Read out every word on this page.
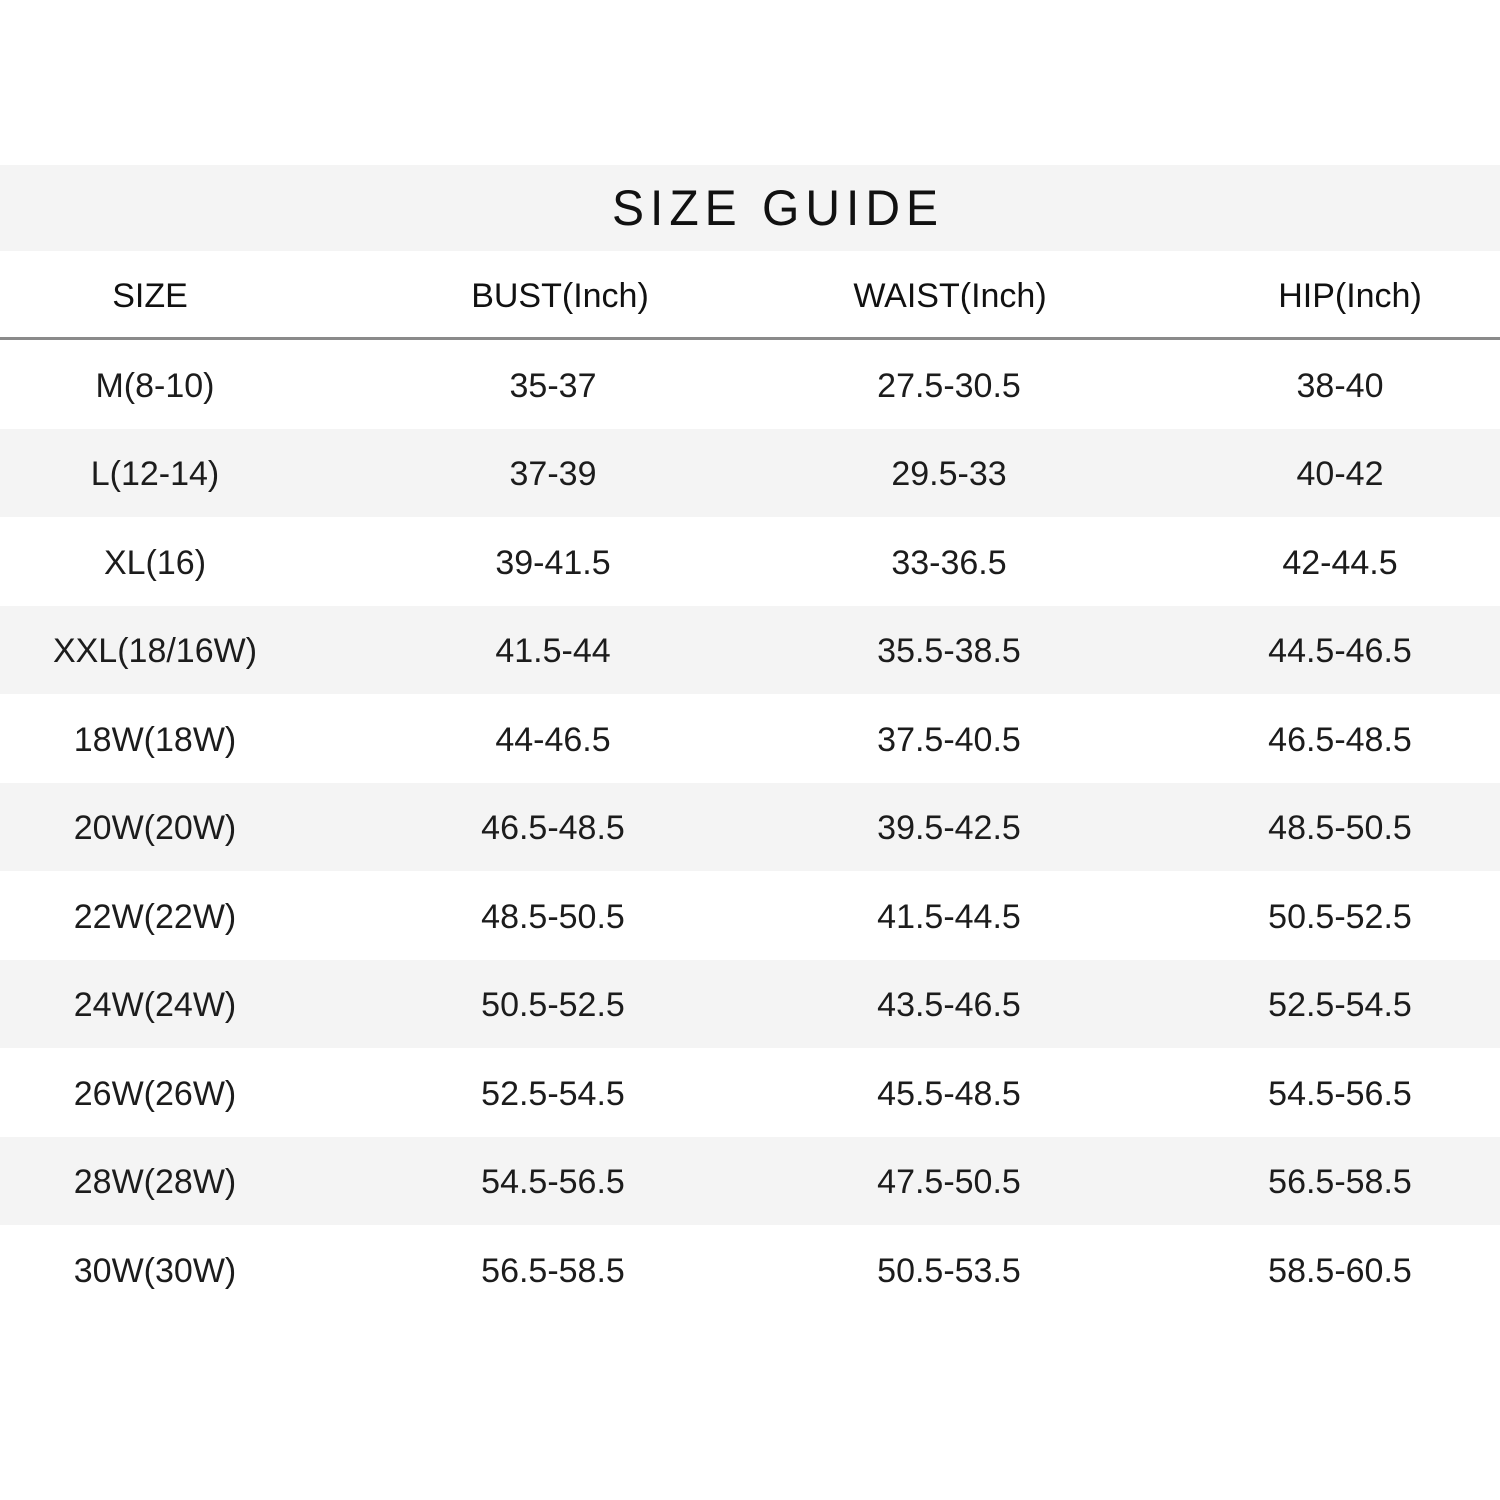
SIZE GUIDE
SIZE	BUST(Inch)	WAIST(Inch)	HIP(Inch)
M(8-10)	35-37	27.5-30.5	38-40
L(12-14)	37-39	29.5-33	40-42
XL(16)	39-41.5	33-36.5	42-44.5
XXL(18/16W)	41.5-44	35.5-38.5	44.5-46.5
18W(18W)	44-46.5	37.5-40.5	46.5-48.5
20W(20W)	46.5-48.5	39.5-42.5	48.5-50.5
22W(22W)	48.5-50.5	41.5-44.5	50.5-52.5
24W(24W)	50.5-52.5	43.5-46.5	52.5-54.5
26W(26W)	52.5-54.5	45.5-48.5	54.5-56.5
28W(28W)	54.5-56.5	47.5-50.5	56.5-58.5
30W(30W)	56.5-58.5	50.5-53.5	58.5-60.5
